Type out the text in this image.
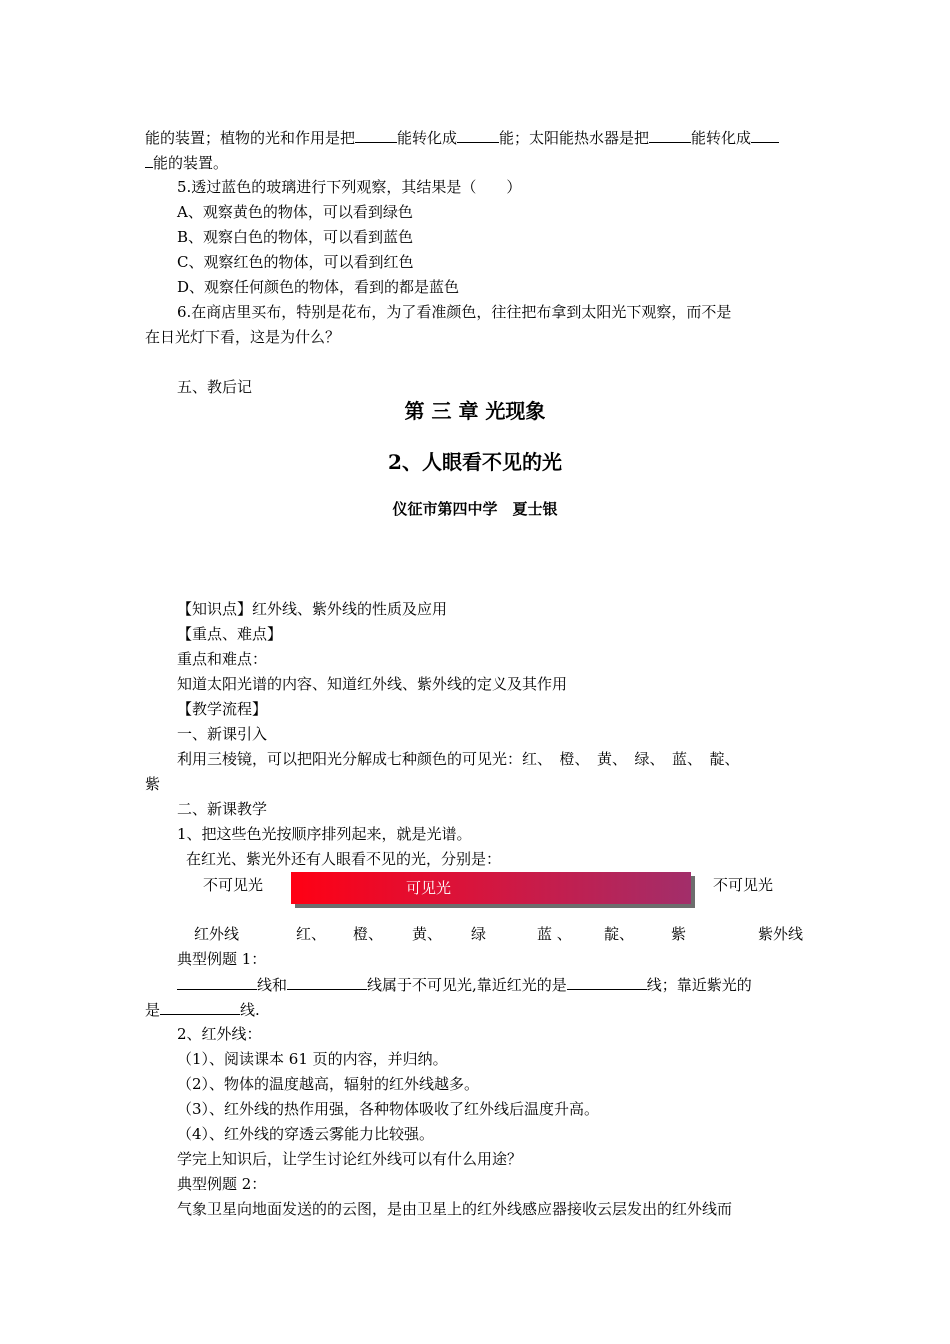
能的装置；植物的光和作用是把	能转化成	能；太阳能热水器是把	能转化成
能的装置。
5.透过蓝色的玻璃进行下列观察，其结果是（　　）
A、观察黄色的物体，可以看到绿色
B、观察白色的物体，可以看到蓝色
C、观察红色的物体，可以看到红色
D、观察任何颜色的物体，看到的都是蓝色
6.在商店里买布，特别是花布，为了看准颜色，往往把布拿到太阳光下观察，而不是
在日光灯下看，这是为什么？
五、教后记
第 三 章 光现象
2、人眼看不见的光
仪征市第四中学　夏士银
【知识点】红外线、紫外线的性质及应用
【重点、难点】
重点和难点：
知道太阳光谱的内容、知道红外线、紫外线的定义及其作用
【教学流程】
一、新课引入
利用三棱镜，可以把阳光分解成七种颜色的可见光：红、　橙、　黄、　绿、　蓝、　靛、
紫
二、新课教学
1、把这些色光按顺序排列起来，就是光谱。
在红光、紫光外还有人眼看不见的光，分别是：
不可见光	可见光	不可见光
红外线	红、 橙、 黄、 绿	蓝 、 靛、 紫	紫外线
典型例题 1：
线和	线属于不可见光,靠近红光的是	线；靠近紫光的
是	线.
2、红外线：
（1）、阅读课本 61 页的内容，并归纳。
（2）、物体的温度越高，辐射的红外线越多。
（3）、红外线的热作用强，各种物体吸收了红外线后温度升高。
（4）、红外线的穿透云雾能力比较强。
学完上知识后，让学生讨论红外线可以有什么用途？
典型例题 2：
气象卫星向地面发送的的云图，是由卫星上的红外线感应器接收云层发出的红外线而
